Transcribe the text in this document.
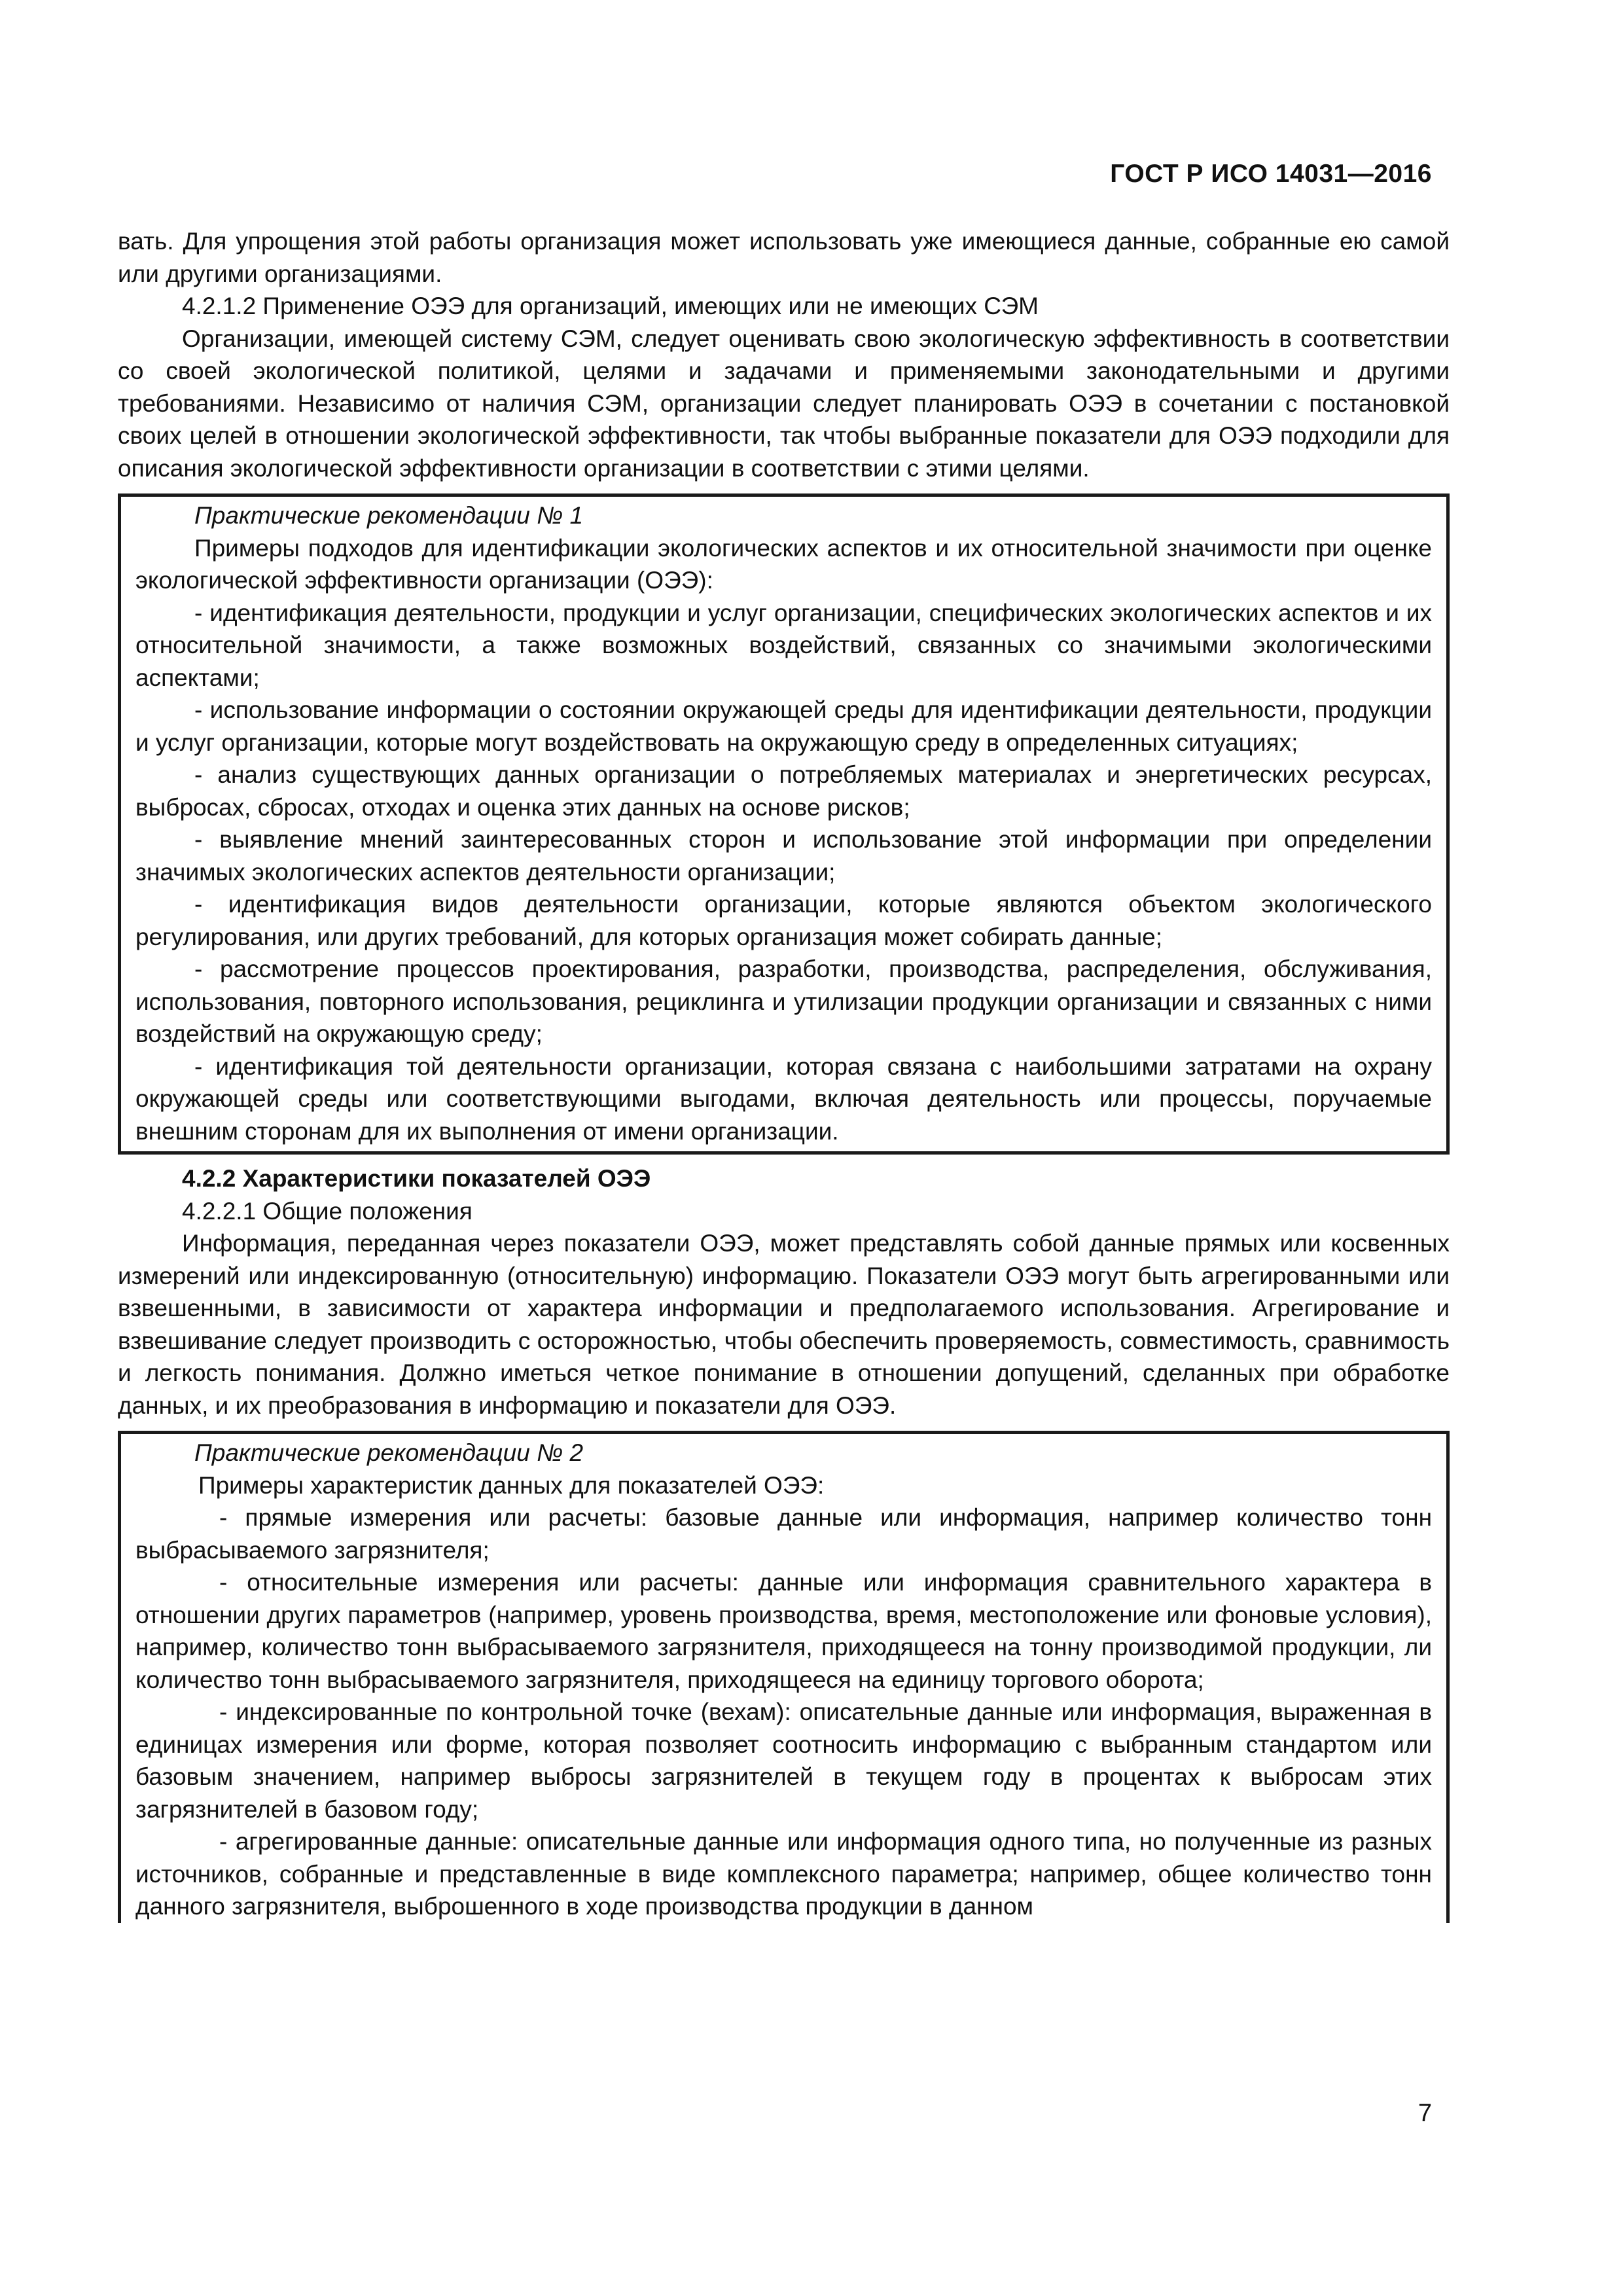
ГОСТ Р ИСО 14031—2016

вать. Для упрощения этой работы организация может использовать уже имеющиеся данные, собранные ею самой или другими организациями.

4.2.1.2 Применение ОЭЭ для организаций, имеющих или не имеющих СЭМ

Организации, имеющей систему СЭМ, следует оценивать свою экологическую эффективность в соответствии со своей экологической политикой, целями и задачами и применяемыми законодательными и другими требованиями. Независимо от наличия СЭМ, организации следует планировать ОЭЭ в сочетании с постановкой своих целей в отношении экологической эффективности, так чтобы выбранные показатели для ОЭЭ подходили для описания экологической эффективности организации в соответствии с этими целями.

Практические рекомендации № 1

Примеры подходов для идентификации экологических аспектов и их относительной значимости при оценке экологической эффективности организации (ОЭЭ):

- идентификация деятельности, продукции и услуг организации, специфических экологических аспектов и их относительной значимости, а также возможных воздействий, связанных со значимыми экологическими аспектами;

- использование информации о состоянии окружающей среды для идентификации деятельности, продукции и услуг организации, которые могут воздействовать на окружающую среду в определенных ситуациях;

- анализ существующих данных организации о потребляемых материалах и энергетических ресурсах, выбросах, сбросах, отходах и оценка этих данных на основе рисков;

- выявление мнений заинтересованных сторон и использование этой информации при определении значимых экологических аспектов деятельности организации;

- идентификация видов деятельности организации, которые являются объектом экологического регулирования, или других требований, для которых организация может собирать данные;

- рассмотрение процессов проектирования, разработки, производства, распределения, обслуживания, использования, повторного использования, рециклинга и утилизации продукции организации и связанных с ними воздействий на окружающую среду;

- идентификация той деятельности организации, которая связана с наибольшими затратами на охрану окружающей среды или соответствующими выгодами, включая деятельность или процессы, поручаемые внешним сторонам для их выполнения от имени организации.

4.2.2 Характеристики показателей ОЭЭ

4.2.2.1 Общие положения

Информация, переданная через показатели ОЭЭ, может представлять собой данные прямых или косвенных измерений или индексированную (относительную) информацию. Показатели ОЭЭ могут быть агрегированными или взвешенными, в зависимости от характера информации и предполагаемого использования. Агрегирование и взвешивание следует производить с осторожностью, чтобы обеспечить проверяемость, совместимость, сравнимость и легкость понимания. Должно иметься четкое понимание в отношении допущений, сделанных при обработке данных, и их преобразования в информацию и показатели для ОЭЭ.

Практические рекомендации № 2

Примеры характеристик данных для показателей ОЭЭ:

- прямые измерения или расчеты: базовые данные или информация, например количество тонн выбрасываемого загрязнителя;

- относительные измерения или расчеты: данные или информация сравнительного характера в отношении других параметров (например, уровень производства, время, местоположение или фоновые условия), например, количество тонн выбрасываемого загрязнителя, приходящееся на тонну производимой продукции, ли количество тонн выбрасываемого загрязнителя, приходящееся на единицу торгового оборота;

- индексированные по контрольной точке (вехам): описательные данные или информация, выраженная в единицах измерения или форме, которая позволяет соотносить информацию с выбранным стандартом или базовым значением, например выбросы загрязнителей в текущем году в процентах к выбросам этих загрязнителей в базовом году;

- агрегированные данные: описательные данные или информация одного типа, но полученные из разных источников, собранные и представленные в виде комплексного параметра; например, общее количество тонн данного загрязнителя, выброшенного в ходе производства продукции в данном

7
